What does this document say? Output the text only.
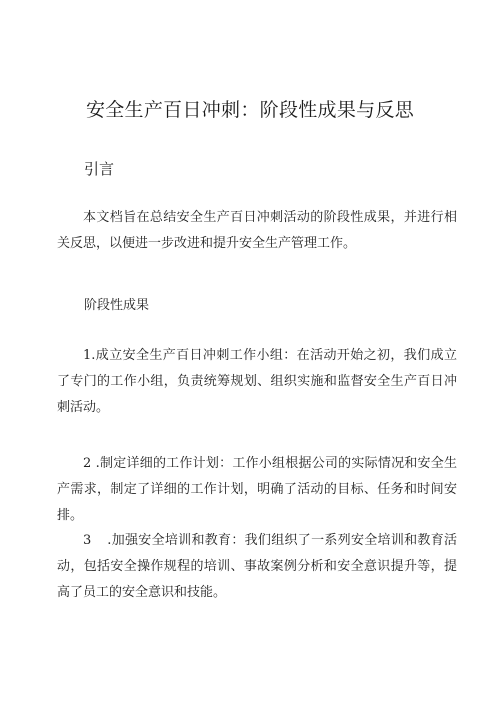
安全生产百日冲刺：阶段性成果与反思
引言
本文档旨在总结安全生产百日冲刺活动的阶段性成果，并进行相关反思，以便进一步改进和提升安全生产管理工作。
阶段性成果
1.成立安全生产百日冲刺工作小组：在活动开始之初，我们成立了专门的工作小组，负责统筹规划、组织实施和监督安全生产百日冲刺活动。
2 .制定详细的工作计划：工作小组根据公司的实际情况和安全生产需求，制定了详细的工作计划，明确了活动的目标、任务和时间安排。
3 .加强安全培训和教育：我们组织了一系列安全培训和教育活动，包括安全操作规程的培训、事故案例分析和安全意识提升等，提高了员工的安全意识和技能。
